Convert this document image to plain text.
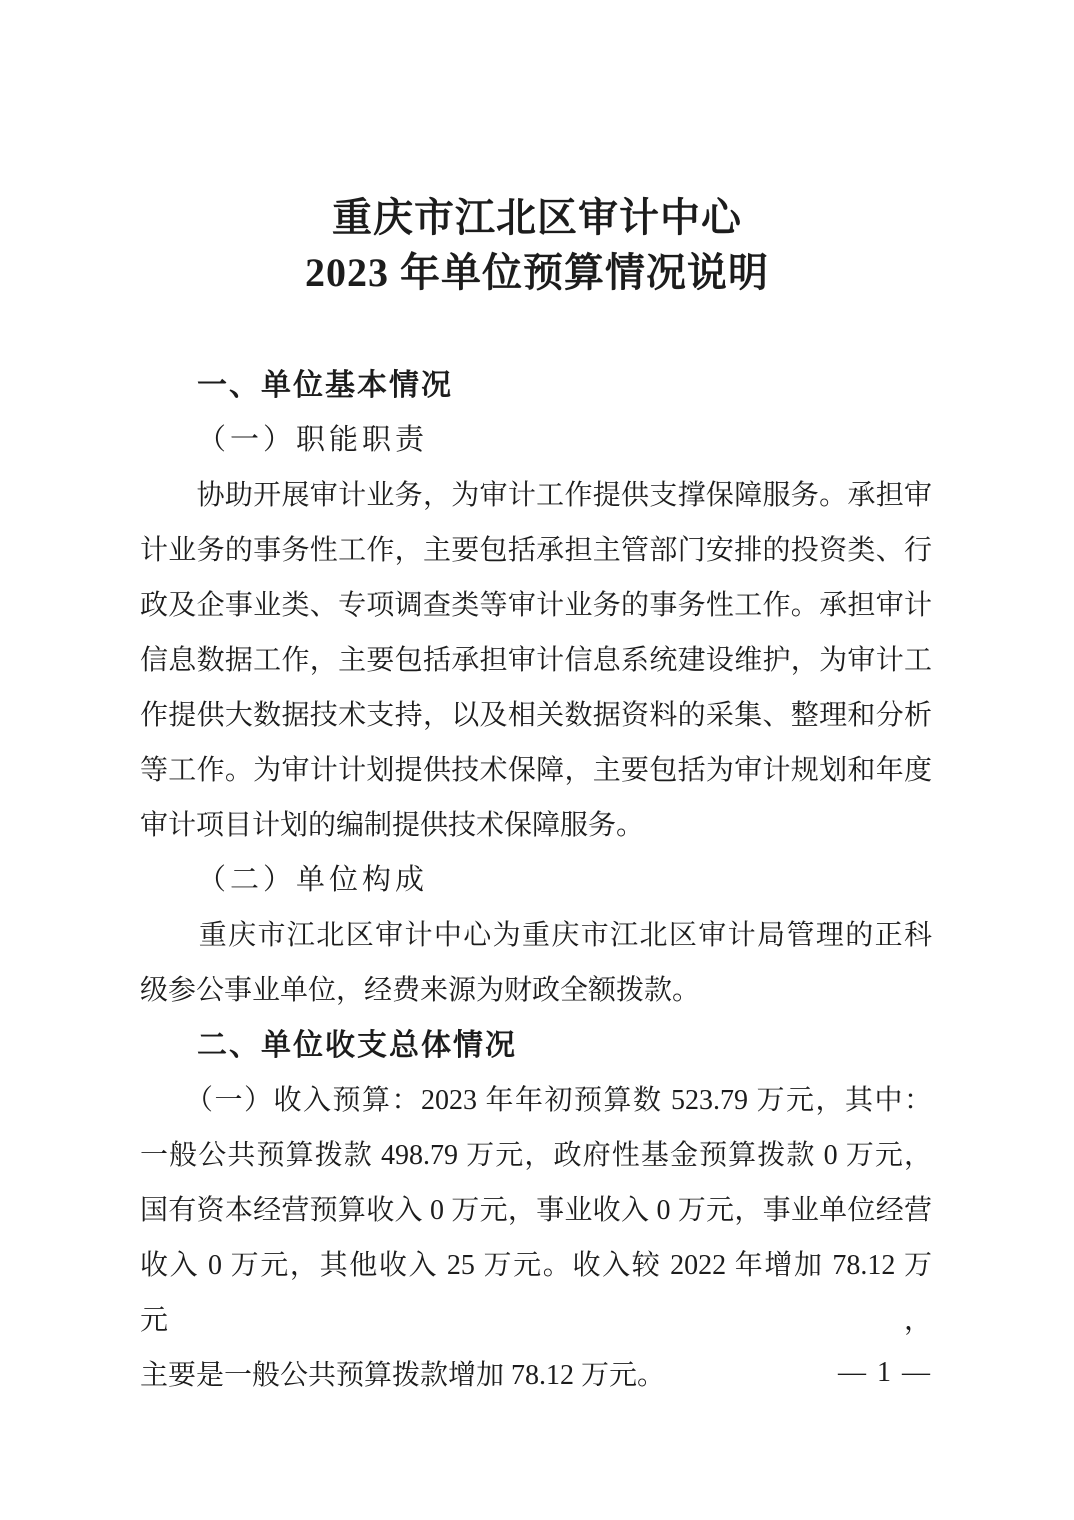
重庆市江北区审计中心
2023 年单位预算情况说明
一、单位基本情况
（一）职能职责
　　协助开展审计业务，为审计工作提供支撑保障服务。承担审
计业务的事务性工作，主要包括承担主管部门安排的投资类、行
政及企事业类、专项调查类等审计业务的事务性工作。承担审计
信息数据工作，主要包括承担审计信息系统建设维护，为审计工
作提供大数据技术支持，以及相关数据资料的采集、整理和分析
等工作。为审计计划提供技术保障，主要包括为审计规划和年度
审计项目计划的编制提供技术保障服务。
（二）单位构成
　　重庆市江北区审计中心为重庆市江北区审计局管理的正科
级参公事业单位，经费来源为财政全额拨款。
二、单位收支总体情况
　　（一）收入预算：2023 年年初预算数 523.79 万元，其中：
一般公共预算拨款 498.79 万元，政府性基金预算拨款 0 万元，
国有资本经营预算收入 0 万元，事业收入 0 万元，事业单位经营
收入 0 万元，其他收入 25 万元。收入较 2022 年增加 78.12 万元，
主要是一般公共预算拨款增加 78.12 万元。	— 1 —
